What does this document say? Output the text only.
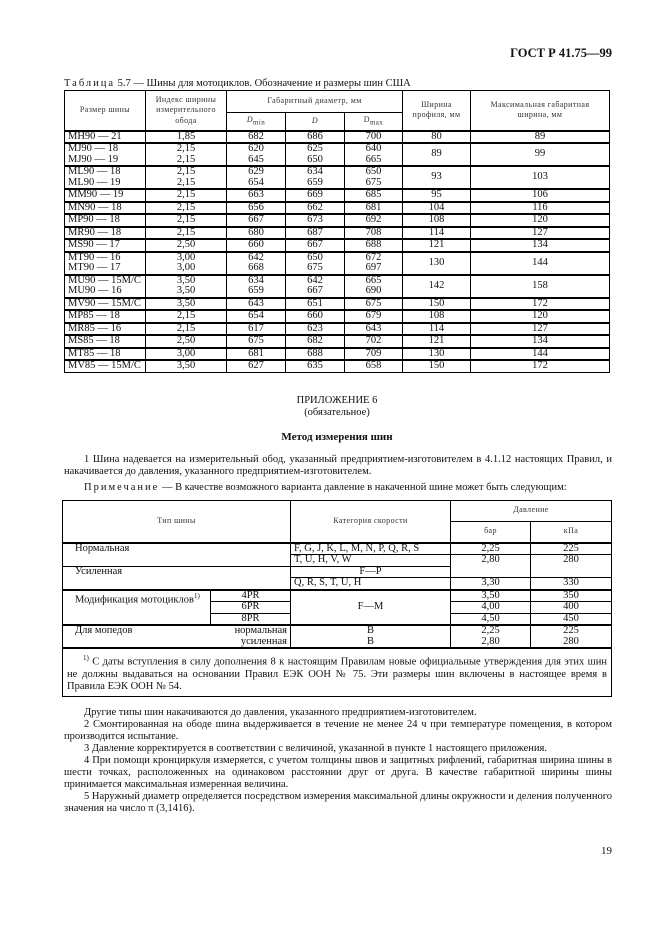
ГОСТ Р 41.75—99
Таблица 5.7 — Шины для мотоциклов. Обозначение и размеры шин США
Размер шины	Индекс ширины измерительного обода	Габаритный диаметр, мм			Ширина профиля, мм	Максимальная габаритная ширина, мм
		$D_{min}$	D	$D_{max}$
MH90 — 21	1,85	682	686	700	80	89
MJ90 — 18	2,15	620	625	640	89	99
MJ90 — 19	2,15	645	650	665		
ML90 — 18	2,15	629	634	650	93	103
ML90 — 19	2,15	654	659	675		
MM90 — 19	2,15	663	669	685	95	106
MN90 — 18	2,15	656	662	681	104	116
MP90 — 18	2,15	667	673	692	108	120
MR90 — 18	2,15	680	687	708	114	127
MS90 — 17	2,50	660	667	688	121	134
MT90 — 16	3,00	642	650	672	130	144
MT90 — 17	3,00	668	675	697		
MU90 — 15M/C	3,50	634	642	665	142	158
MU90 — 16	3,50	659	667	690		
MV90 — 15M/C	3,50	643	651	675	150	172
MP85 — 18	2,15	654	660	679	108	120
MR85 — 16	2,15	617	623	643	114	127
MS85 — 18	2,50	675	682	702	121	134
MT85 — 18	3,00	681	688	709	130	144
MV85 — 15M/C	3,50	627	635	658	150	172
ПРИЛОЖЕНИЕ 6
(обязательное)
Метод измерения шин
1 Шина надевается на измерительный обод, указанный предприятием-изготовителем в 4.1.12 настоящих Правил, и накачивается до давления, указанного предприятием-изготовителем.
Примечание — В качестве возможного варианта давление в накаченной шине может быть следующим:
Тип шины		Категория скорости	Давление	
			бар	кПа
Нормальная		F, G, J, K, L, M, N, P, Q, R, S	2,25	225
		T, U, H, V, W	2,80	280
Усиленная		F—P		
		Q, R, S, T, U, H	3,30	330
Модификация мотоциклов$^{1)}$	4PR	F—M	3,50	350
	6PR		4,00	400
	8PR		4,50	450
Для мопедов	нормальная	B	2,25	225
	усиленная	B	2,80	280
$^{1)}$ С даты вступления в силу дополнения 8 к настоящим Правилам новые официальные утверждения для этих шин не должны выдаваться на основании Правил ЕЭК ООН № 75. Эти размеры шин включены в настоящее время в Правила ЕЭК ООН № 54.				
Другие типы шин накачиваются до давления, указанного предприятием-изготовителем.
2 Смонтированная на ободе шина выдерживается в течение не менее 24 ч при температуре помещения, в котором производится испытание.
3 Давление корректируется в соответствии с величиной, указанной в пункте 1 настоящего приложения.
4 При помощи кронциркуля измеряется, с учетом толщины швов и защитных рифлений, габаритная ширина шины в шести точках, расположенных на одинаковом расстоянии друг от друга. В качестве габаритной ширины шины принимается максимальная измеренная величина.
5 Наружный диаметр определяется посредством измерения максимальной длины окружности и деления полученного значения на число π (3,1416).
19
